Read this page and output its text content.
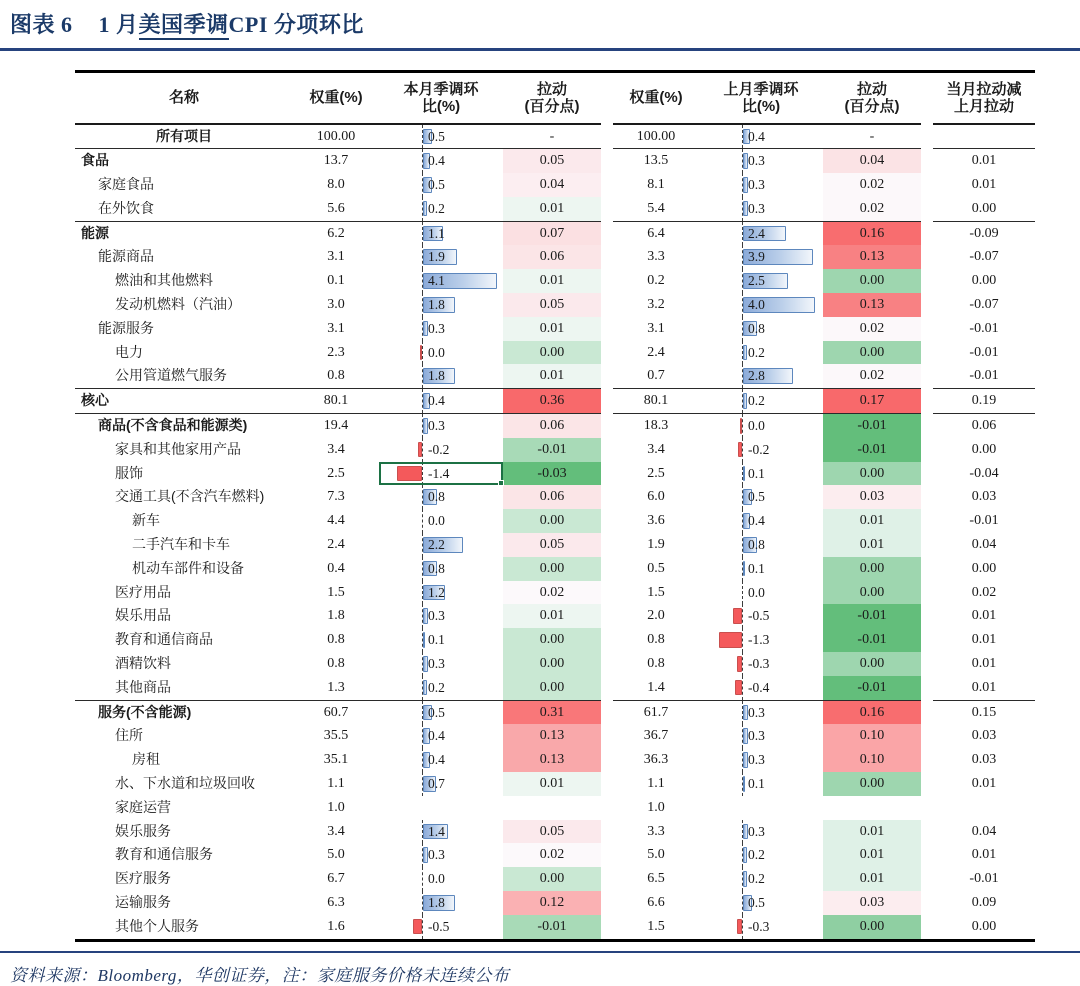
图表 6 1 月美国季调CPI 分项环比
名称	权重(%)	本月季调环
比(%)	拉动
(百分点)		权重(%)	上月季调环
比(%)	拉动
(百分点)		当月拉动减
上月拉动

所有项目	100.00	0.5	-		100.00	0.4	-		
食品	13.7	0.4	0.05		13.5	0.3	0.04		0.01
家庭食品	8.0	0.5	0.04		8.1	0.3	0.02		0.01
在外饮食	5.6	0.2	0.01		5.4	0.3	0.02		0.00
能源	6.2	1.1	0.07		6.4	2.4	0.16		-0.09
能源商品	3.1	1.9	0.06		3.3	3.9	0.13		-0.07
燃油和其他燃料	0.1	4.1	0.01		0.2	2.5	0.00		0.00
发动机燃料（汽油）	3.0	1.8	0.05		3.2	4.0	0.13		-0.07
能源服务	3.1	0.3	0.01		3.1	0.8	0.02		-0.01
电力	2.3	0.0	0.00		2.4	0.2	0.00		-0.01
公用管道燃气服务	0.8	1.8	0.01		0.7	2.8	0.02		-0.01
核心	80.1	0.4	0.36		80.1	0.2	0.17		0.19
商品(不含食品和能源类)	19.4	0.3	0.06		18.3	0.0	-0.01		0.06
家具和其他家用产品	3.4	-0.2	-0.01		3.4	-0.2	-0.01		0.00
服饰	2.5	-1.4	-0.03		2.5	0.1	0.00		-0.04
交通工具(不含汽车燃料)	7.3	0.8	0.06		6.0	0.5	0.03		0.03
新车	4.4	0.0	0.00		3.6	0.4	0.01		-0.01
二手汽车和卡车	2.4	2.2	0.05		1.9	0.8	0.01		0.04
机动车部件和设备	0.4	0.8	0.00		0.5	0.1	0.00		0.00
医疗用品	1.5	1.2	0.02		1.5	0.0	0.00		0.02
娱乐用品	1.8	0.3	0.01		2.0	-0.5	-0.01		0.01
教育和通信商品	0.8	0.1	0.00		0.8	-1.3	-0.01		0.01
酒精饮料	0.8	0.3	0.00		0.8	-0.3	0.00		0.01
其他商品	1.3	0.2	0.00		1.4	-0.4	-0.01		0.01
服务(不含能源)	60.7	0.5	0.31		61.7	0.3	0.16		0.15
住所	35.5	0.4	0.13		36.7	0.3	0.10		0.03
房租	35.1	0.4	0.13		36.3	0.3	0.10		0.03
水、下水道和垃圾回收	1.1	0.7	0.01		1.1	0.1	0.00		0.01
家庭运营	1.0				1.0	

娱乐服务	3.4	1.4	0.05		3.3	0.3	0.01		0.04
教育和通信服务	5.0	0.3	0.02		5.0	0.2	0.01		0.01
医疗服务	6.7	0.0	0.00		6.5	0.2	0.01		-0.01
运输服务	6.3	1.8	0.12		6.6	0.5	0.03		0.09
其他个人服务	1.6	-0.5	-0.01		1.5	-0.3	0.00		0.00
资料来源：Bloomberg，华创证券，注：家庭服务价格未连续公布
